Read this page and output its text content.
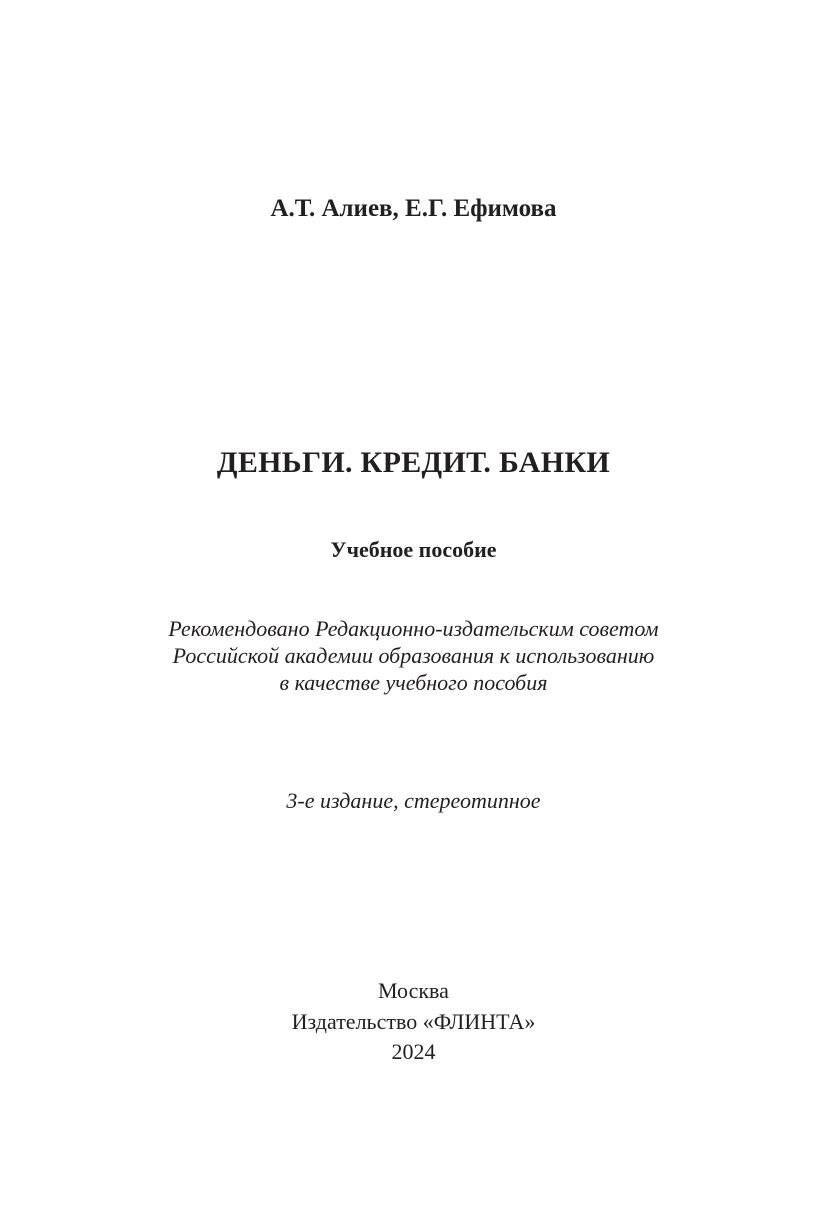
А.Т. Алиев, Е.Г. Ефимова
ДЕНЬГИ. КРЕДИТ. БАНКИ
Учебное пособие
Рекомендовано Редакционно-издательским советом
Российской академии образования к использованию
в качестве учебного пособия
3-е издание, стереотипное
Москва
Издательство «ФЛИНТА»
2024
